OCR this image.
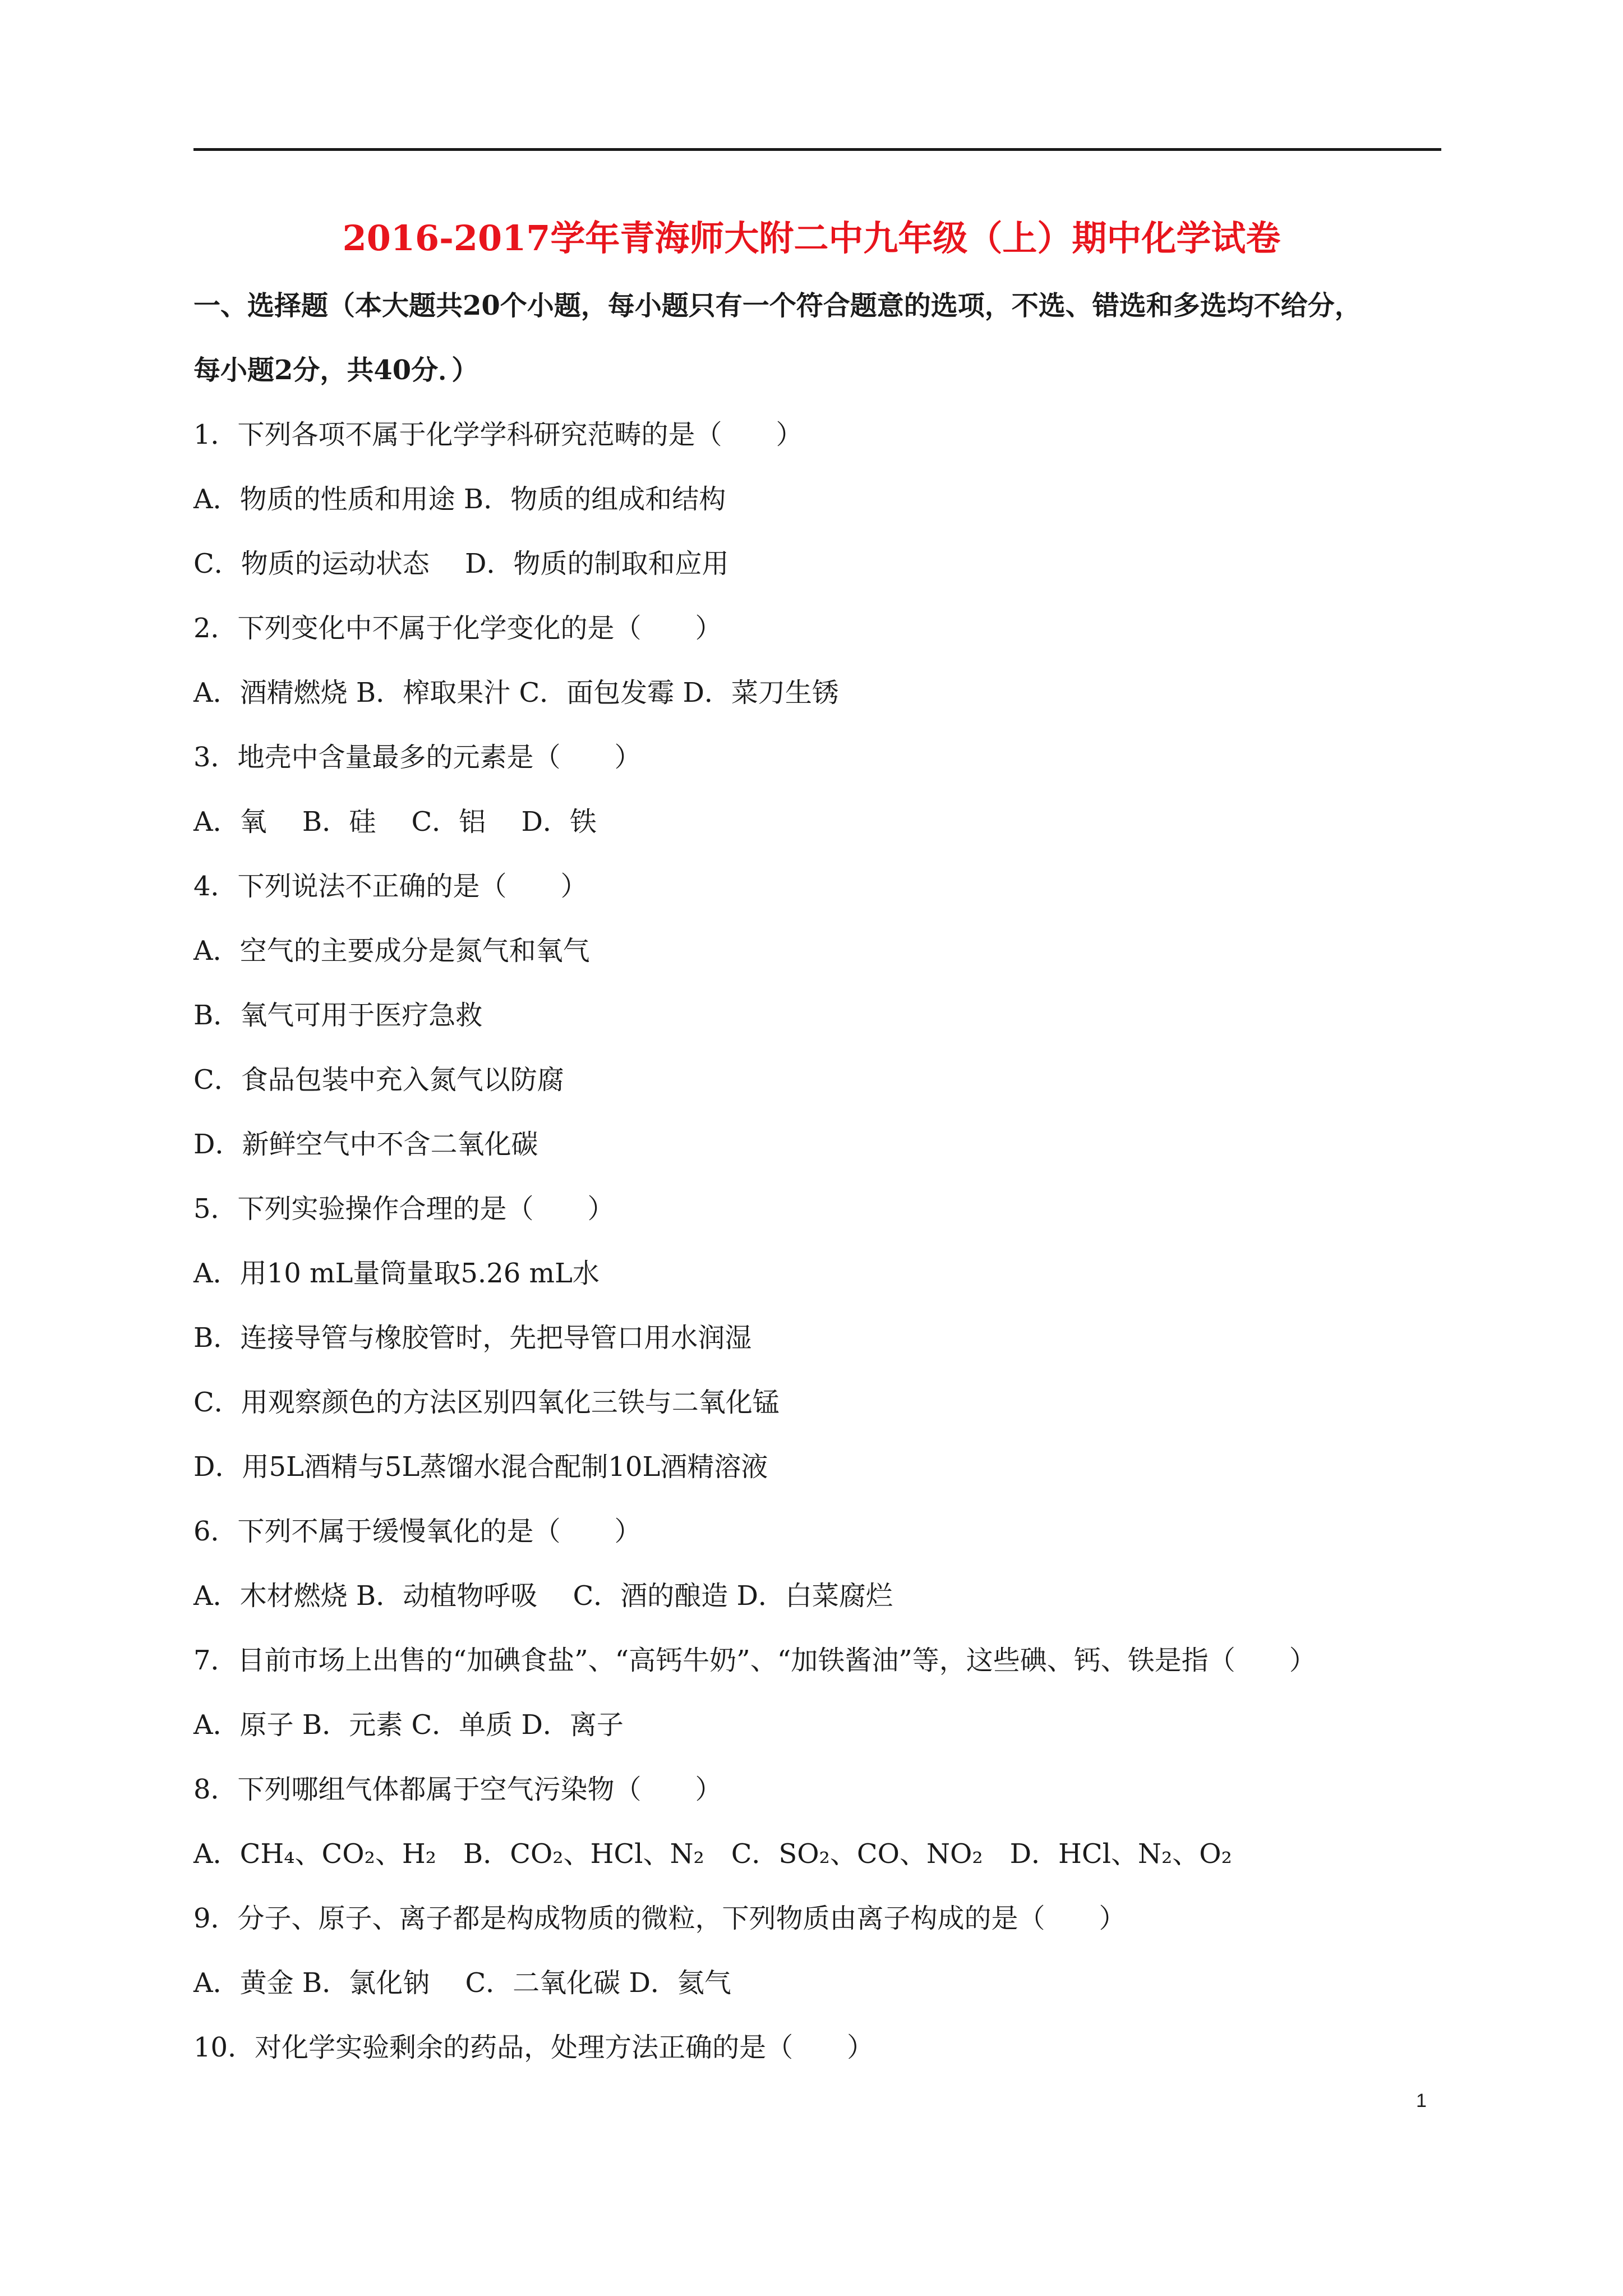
2016-2017学年青海师大附二中九年级（上）期中化学试卷
一、选择题（本大题共20个小题，每小题只有一个符合题意的选项，不选、错选和多选均不给分，
每小题2分，共40分．）
1．下列各项不属于化学学科研究范畴的是（　　）
A．物质的性质和用途 B．物质的组成和结构
C．物质的运动状态　 D．物质的制取和应用
2．下列变化中不属于化学变化的是（　　）
A．酒精燃烧 B．榨取果汁 C．面包发霉 D．菜刀生锈
3．地壳中含量最多的元素是（　　）
A．氧　 B．硅　 C．铝　 D．铁
4．下列说法不正确的是（　　）
A．空气的主要成分是氮气和氧气
B．氧气可用于医疗急救
C．食品包装中充入氮气以防腐
D．新鲜空气中不含二氧化碳
5．下列实验操作合理的是（　　）
A．用10 mL量筒量取5.26 mL水
B．连接导管与橡胶管时，先把导管口用水润湿
C．用观察颜色的方法区别四氧化三铁与二氧化锰
D．用5L酒精与5L蒸馏水混合配制10L酒精溶液
6．下列不属于缓慢氧化的是（　　）
A．木材燃烧 B．动植物呼吸　 C．酒的酿造 D．白菜腐烂
7．目前市场上出售的“加碘食盐”、“高钙牛奶”、“加铁酱油”等，这些碘、钙、铁是指（　　）
A．原子 B．元素 C．单质 D．离子
8．下列哪组气体都属于空气污染物（　　）
A．CH₄、CO₂、H₂　B．CO₂、HCl、N₂　C．SO₂、CO、NO₂　D．HCl、N₂、O₂
9．分子、原子、离子都是构成物质的微粒，下列物质由离子构成的是（　　）
A．黄金 B．氯化钠　 C．二氧化碳 D．氦气
10．对化学实验剩余的药品，处理方法正确的是（　　）
1
